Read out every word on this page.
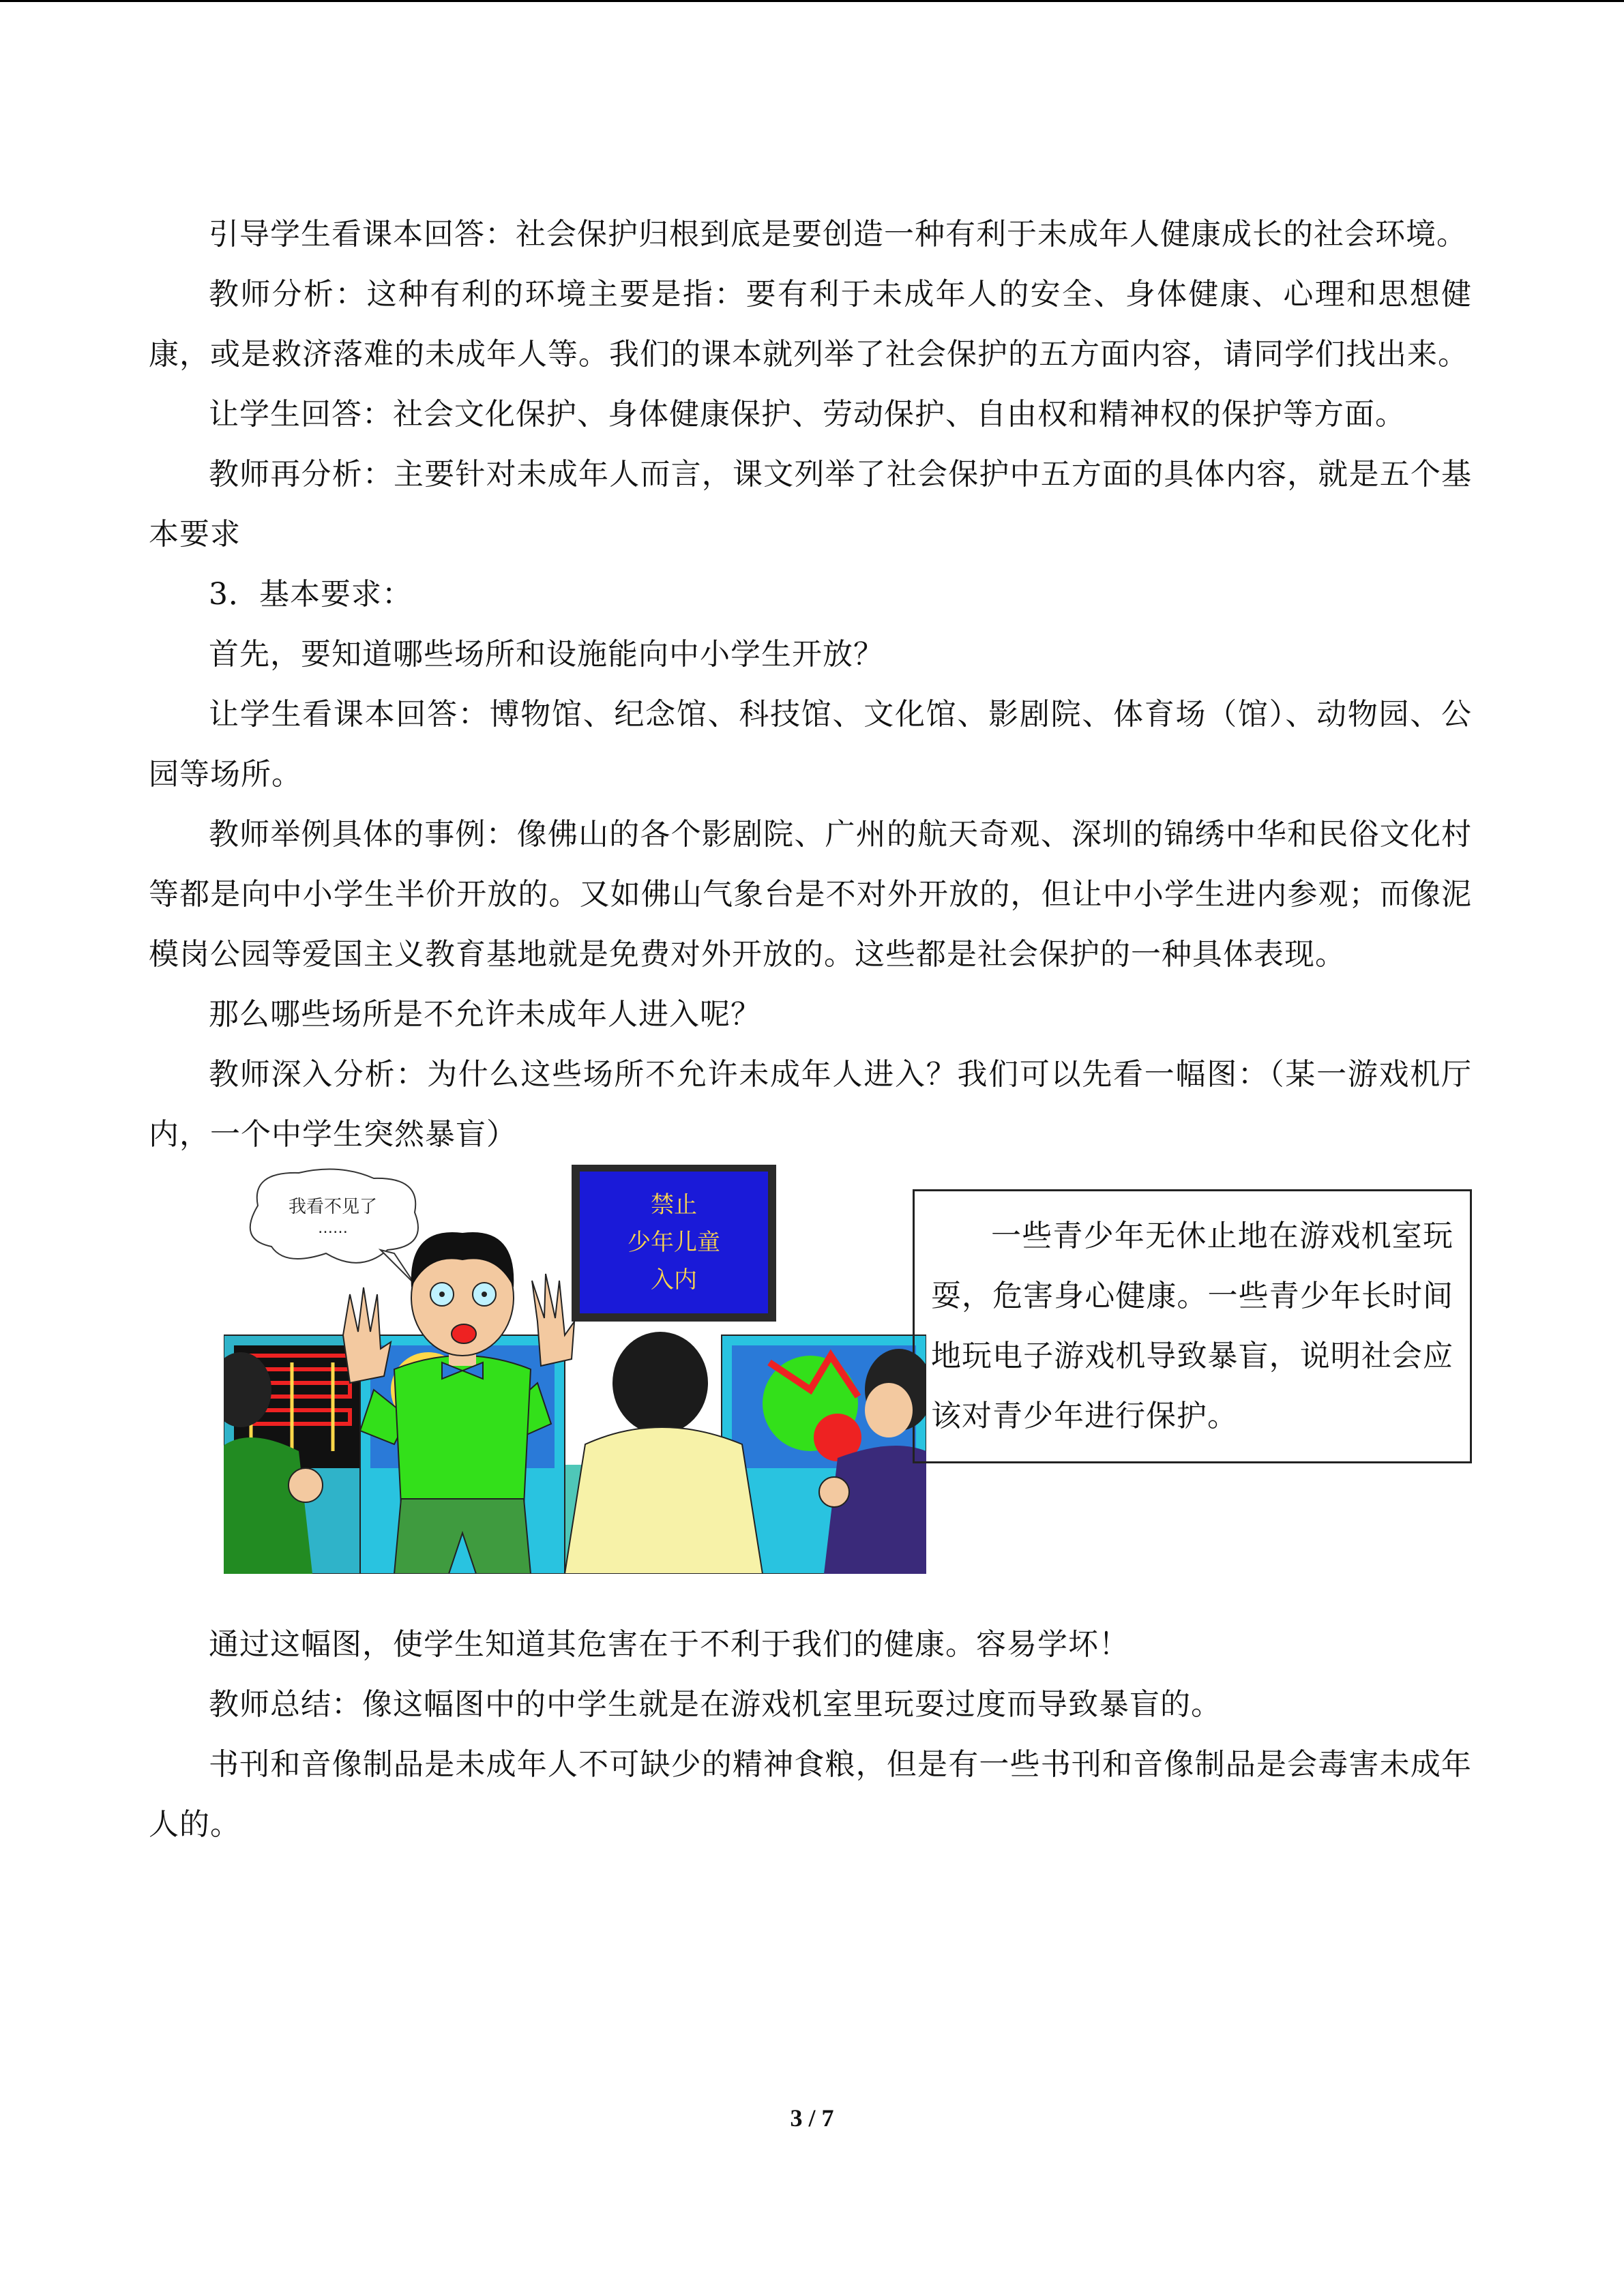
引导学生看课本回答：社会保护归根到底是要创造一种有利于未成年人健康成长的社会环境。

教师分析：这种有利的环境主要是指：要有利于未成年人的安全、身体健康、心理和思想健康，或是救济落难的未成年人等。我们的课本就列举了社会保护的五方面内容，请同学们找出来。

让学生回答：社会文化保护、身体健康保护、劳动保护、自由权和精神权的保护等方面。

教师再分析：主要针对未成年人而言，课文列举了社会保护中五方面的具体内容，就是五个基本要求

3．基本要求：

首先，要知道哪些场所和设施能向中小学生开放？

让学生看课本回答：博物馆、纪念馆、科技馆、文化馆、影剧院、体育场（馆）、动物园、公园等场所。

教师举例具体的事例：像佛山的各个影剧院、广州的航天奇观、深圳的锦绣中华和民俗文化村等都是向中小学生半价开放的。又如佛山气象台是不对外开放的，但让中小学生进内参观；而像泥模岗公园等爱国主义教育基地就是免费对外开放的。这些都是社会保护的一种具体表现。

那么哪些场所是不允许未成年人进入呢？

教师深入分析：为什么这些场所不允许未成年人进入？我们可以先看一幅图：（某一游戏机厅内，一个中学生突然暴盲）

我看不见了
……
禁止
少年儿童
入内

一些青少年无休止地在游戏机室玩耍，危害身心健康。一些青少年长时间地玩电子游戏机导致暴盲，说明社会应该对青少年进行保护。

通过这幅图，使学生知道其危害在于不利于我们的健康。容易学坏！

教师总结：像这幅图中的中学生就是在游戏机室里玩耍过度而导致暴盲的。

书刊和音像制品是未成年人不可缺少的精神食粮，但是有一些书刊和音像制品是会毒害未成年人的。

3 / 7
